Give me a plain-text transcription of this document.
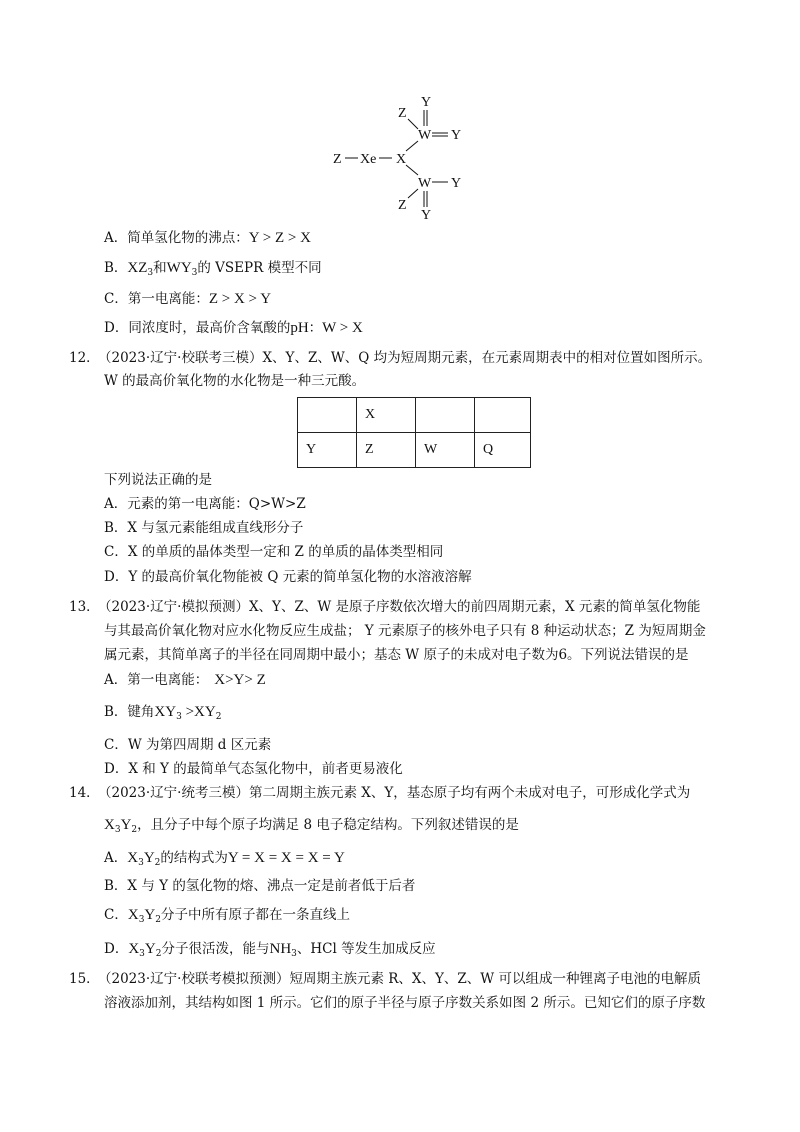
Z
Y
W Y
Z Xe X
W Y
Z
Y
A．简单氢化物的沸点：Y > Z > X
B．$XZ_3$和$WY_3$的 VSEPR 模型不同
C．第一电离能：Z > X > Y
D．同浓度时，最高价含氧酸的pH：W > X
12．
（2023·辽宁·校联考三模）X、Y、Z、W、Q 均为短周期元素，在元素周期表中的相对位置如图所示。
W 的最高价氧化物的水化物是一种三元酸。
	X		
Y	Z	W	Q
下列说法正确的是
A．元素的第一电离能：Q>W>Z
B．X 与氢元素能组成直线形分子
C．X 的单质的晶体类型一定和 Z 的单质的晶体类型相同
D．Y 的最高价氧化物能被 Q 元素的简单氢化物的水溶液溶解
13．
（2023·辽宁·模拟预测）X、Y、Z、W 是原子序数依次增大的前四周期元素，X 元素的简单氢化物能
与其最高价氧化物对应水化物反应生成盐； Y 元素原子的核外电子只有 8 种运动状态；Z 为短周期金
属元素，其简单离子的半径在同周期中最小；基态 W 原子的未成对电子数为6。下列说法错误的是
A．第一电离能： X>Y> Z
B．键角$XY_3 >XY_2$
C．W 为第四周期 d 区元素
D．X 和 Y 的最简单气态氢化物中，前者更易液化
14．
（2023·辽宁·统考三模）第二周期主族元素 X、Y，基态原子均有两个未成对电子，可形成化学式为
$X_3Y_2$，且分子中每个原子均满足 8 电子稳定结构。下列叙述错误的是
A．$X_3Y_2$的结构式为Y = X = X = X = Y
B．X 与 Y 的氢化物的熔、沸点一定是前者低于后者
C．$X_3Y_2$分子中所有原子都在一条直线上
D．$X_3Y_2$分子很活泼，能与$NH_3$、HCl 等发生加成反应
15．
（2023·辽宁·校联考模拟预测）短周期主族元素 R、X、Y、Z、W 可以组成一种锂离子电池的电解质
溶液添加剂，其结构如图 1 所示。它们的原子半径与原子序数关系如图 2 所示。已知它们的原子序数
